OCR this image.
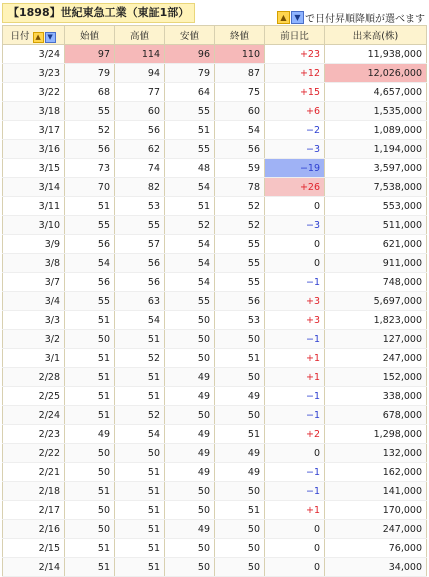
【1898】世紀東急工業（東証1部）	▲ ▼ で日付昇順降順が選べます
日付 ▲ ▼	始値	高値	安値	終値	前日比	出来高(株)
3/24	97	114	96	110	+23	11,938,000
3/23	79	94	79	87	+12	12,026,000
3/22	68	77	64	75	+15	4,657,000
3/18	55	60	55	60	+6	1,535,000
3/17	52	56	51	54	−2	1,089,000
3/16	56	62	55	56	−3	1,194,000
3/15	73	74	48	59	−19	3,597,000
3/14	70	82	54	78	+26	7,538,000
3/11	51	53	51	52	0	553,000
3/10	55	55	52	52	−3	511,000
3/9	56	57	54	55	0	621,000
3/8	54	56	54	55	0	911,000
3/7	56	56	54	55	−1	748,000
3/4	55	63	55	56	+3	5,697,000
3/3	51	54	50	53	+3	1,823,000
3/2	50	51	50	50	−1	127,000
3/1	51	52	50	51	+1	247,000
2/28	51	51	49	50	+1	152,000
2/25	51	51	49	49	−1	338,000
2/24	51	52	50	50	−1	678,000
2/23	49	54	49	51	+2	1,298,000
2/22	50	50	49	49	0	132,000
2/21	50	51	49	49	−1	162,000
2/18	51	51	50	50	−1	141,000
2/17	50	51	50	51	+1	170,000
2/16	50	51	49	50	0	247,000
2/15	51	51	50	50	0	76,000
2/14	51	51	50	50	0	34,000
